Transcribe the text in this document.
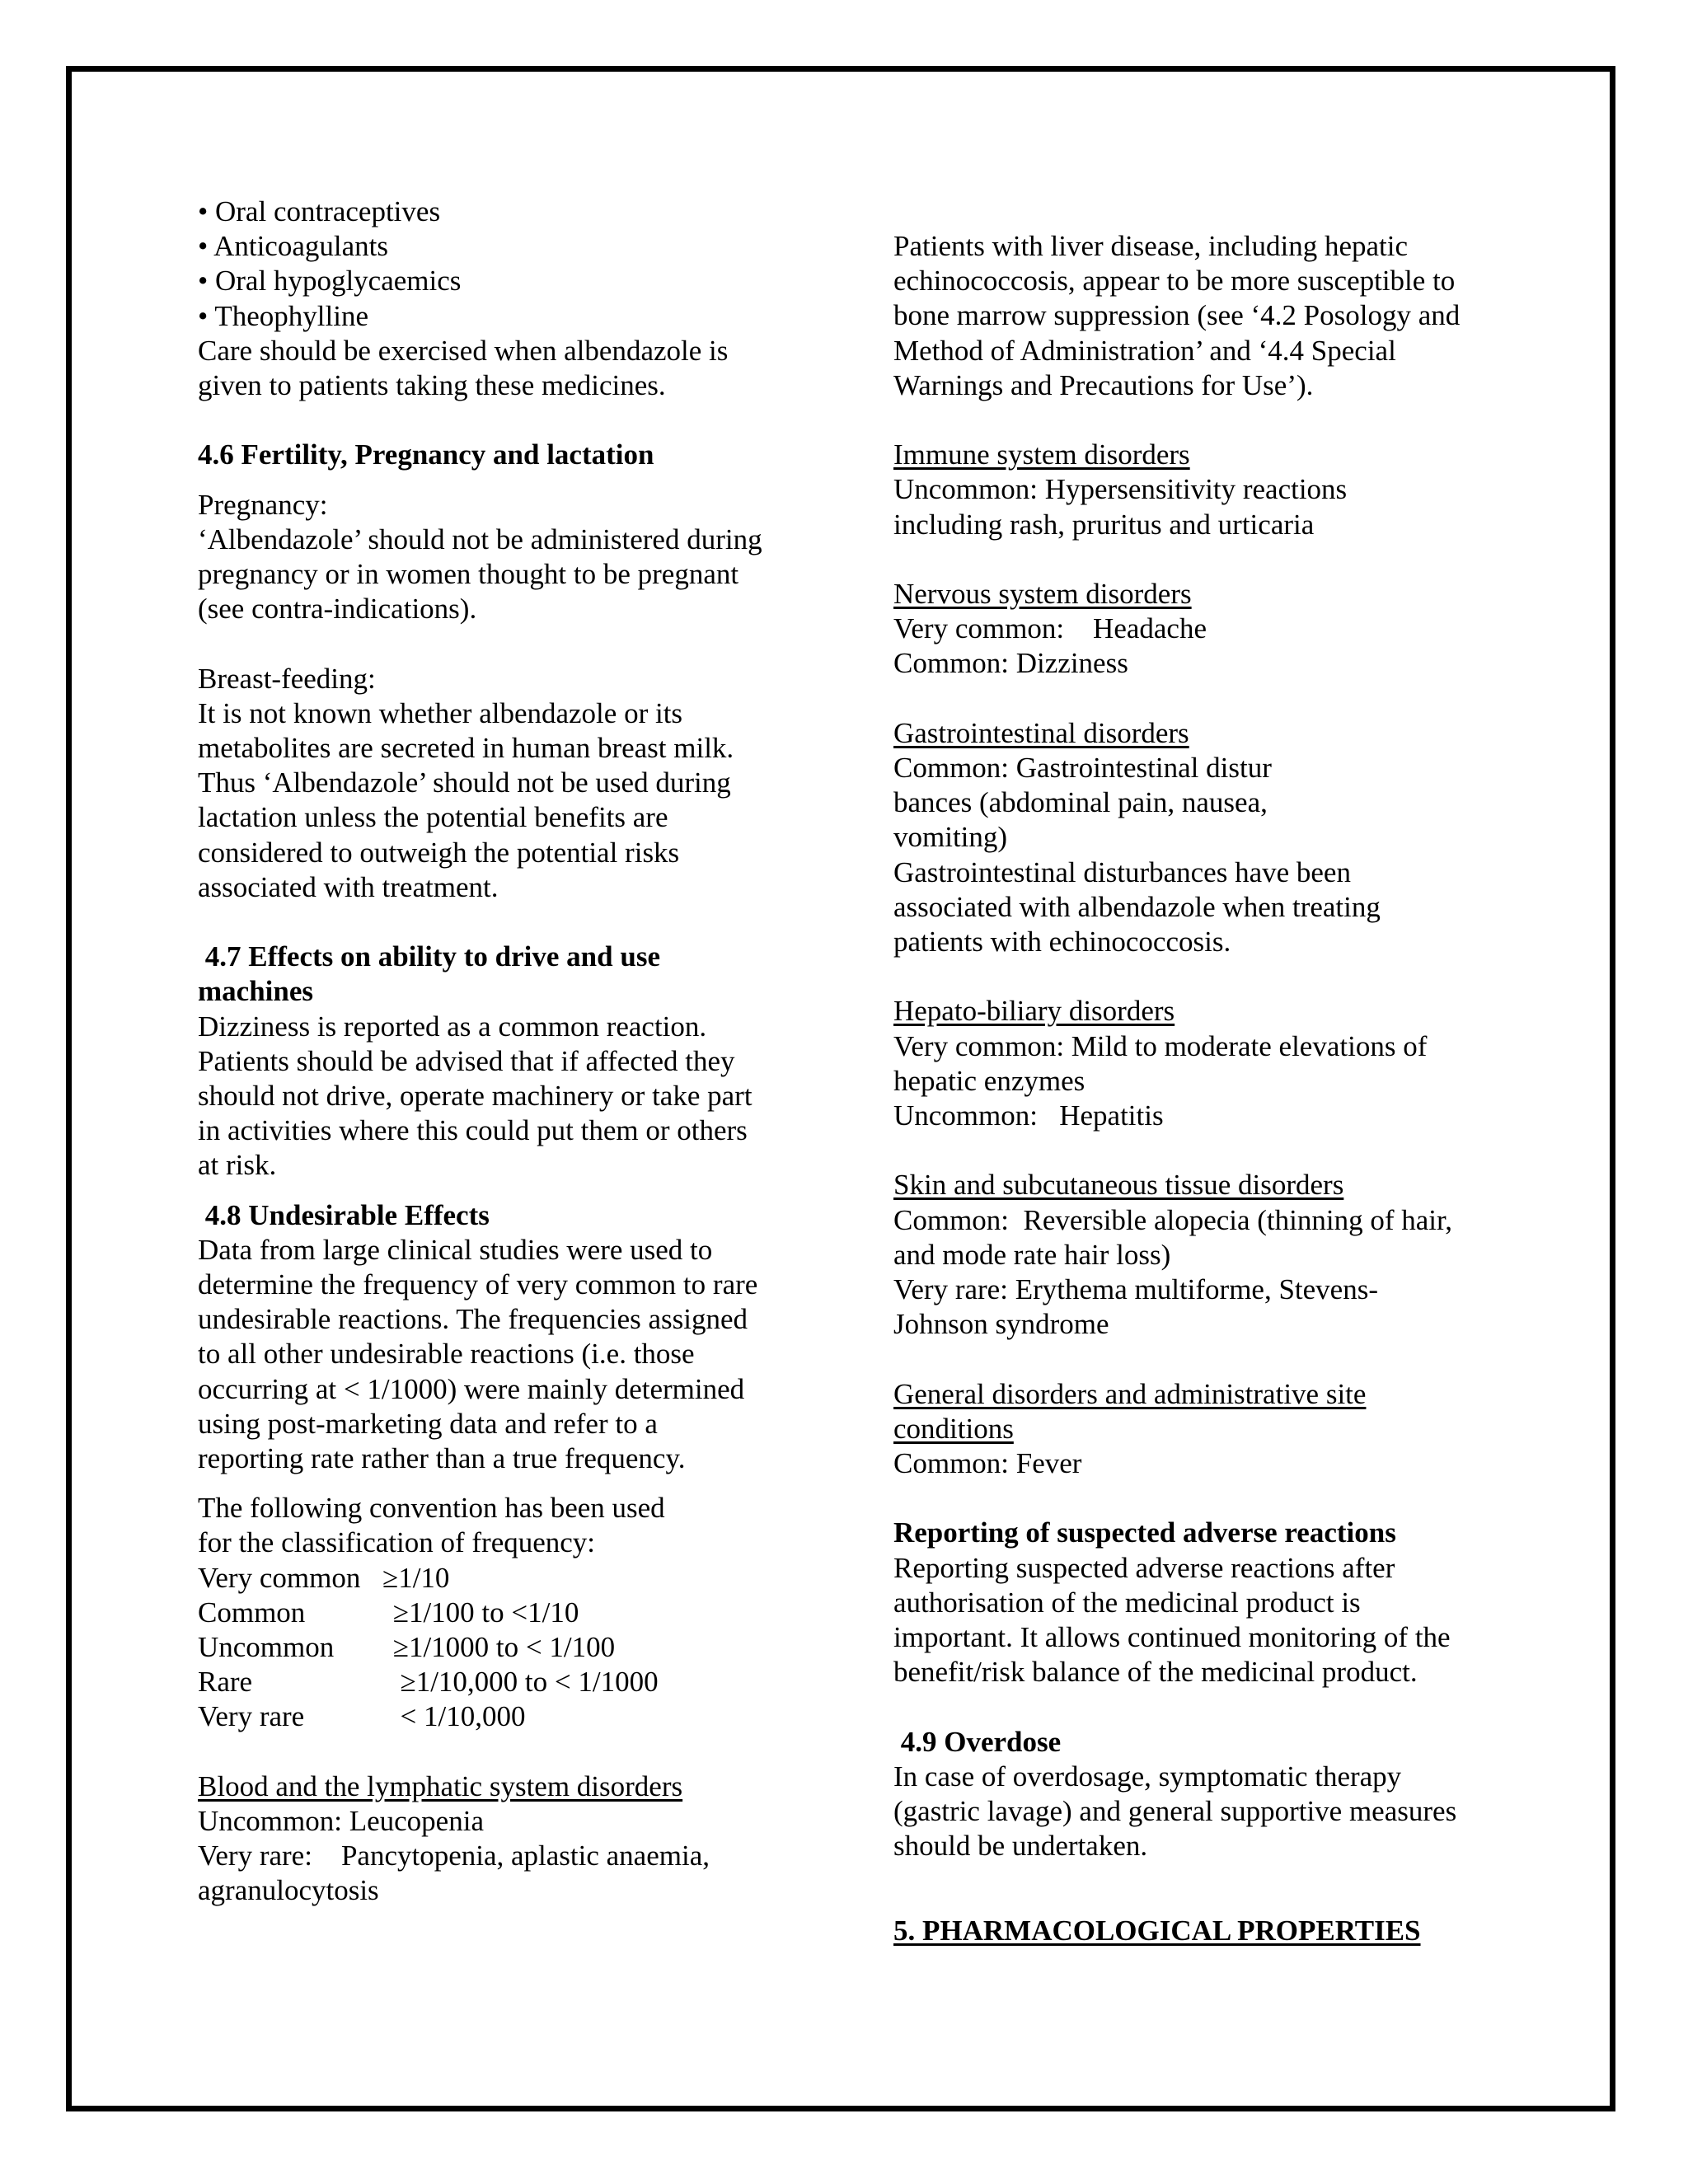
• Oral contraceptives
• Anticoagulants
• Oral hypoglycaemics
• Theophylline
Care should be exercised when albendazole is
given to patients taking these medicines.
4.6 Fertility, Pregnancy and lactation
Pregnancy:
‘Albendazole’ should not be administered during
pregnancy or in women thought to be pregnant
(see contra-indications).
Breast-feeding:
It is not known whether albendazole or its
metabolites are secreted in human breast milk.
Thus ‘Albendazole’ should not be used during
lactation unless the potential benefits are
considered to outweigh the potential risks
associated with treatment.
4.7 Effects on ability to drive and use
machines
Dizziness is reported as a common reaction.
Patients should be advised that if affected they
should not drive, operate machinery or take part
in activities where this could put them or others
at risk.
4.8 Undesirable Effects
Data from large clinical studies were used to
determine the frequency of very common to rare
undesirable reactions. The frequencies assigned
to all other undesirable reactions (i.e. those
occurring at < 1/1000) were mainly determined
using post-marketing data and refer to a
reporting rate rather than a true frequency.
The following convention has been used
for the classification of frequency:
Very common ≥1/10
Common	≥1/100 to <1/10
Uncommon	≥1/1000 to < 1/100
Rare	≥1/10,000 to < 1/1000
Very rare	< 1/10,000
Blood and the lymphatic system disorders
Uncommon: Leucopenia
Very rare:    Pancytopenia, aplastic anaemia,
agranulocytosis
Patients with liver disease, including hepatic
echinococcosis, appear to be more susceptible to
bone marrow suppression (see ‘4.2 Posology and
Method of Administration’ and ‘4.4 Special
Warnings and Precautions for Use’).
Immune system disorders
Uncommon: Hypersensitivity reactions
including rash, pruritus and urticaria
Nervous system disorders
Very common:    Headache
Common: Dizziness
Gastrointestinal disorders
Common: Gastrointestinal distur
bances (abdominal pain, nausea,
vomiting)
Gastrointestinal disturbances have been
associated with albendazole when treating
patients with echinococcosis.
Hepato-biliary disorders
Very common: Mild to moderate elevations of
hepatic enzymes
Uncommon:   Hepatitis
Skin and subcutaneous tissue disorders
Common:  Reversible alopecia (thinning of hair,
and mode rate hair loss)
Very rare: Erythema multiforme, Stevens-
Johnson syndrome
General disorders and administrative site
conditions
Common: Fever
Reporting of suspected adverse reactions
Reporting suspected adverse reactions after
authorisation of the medicinal product is
important. It allows continued monitoring of the
benefit/risk balance of the medicinal product.
4.9 Overdose
In case of overdosage, symptomatic therapy
(gastric lavage) and general supportive measures
should be undertaken.
5. PHARMACOLOGICAL PROPERTIES
